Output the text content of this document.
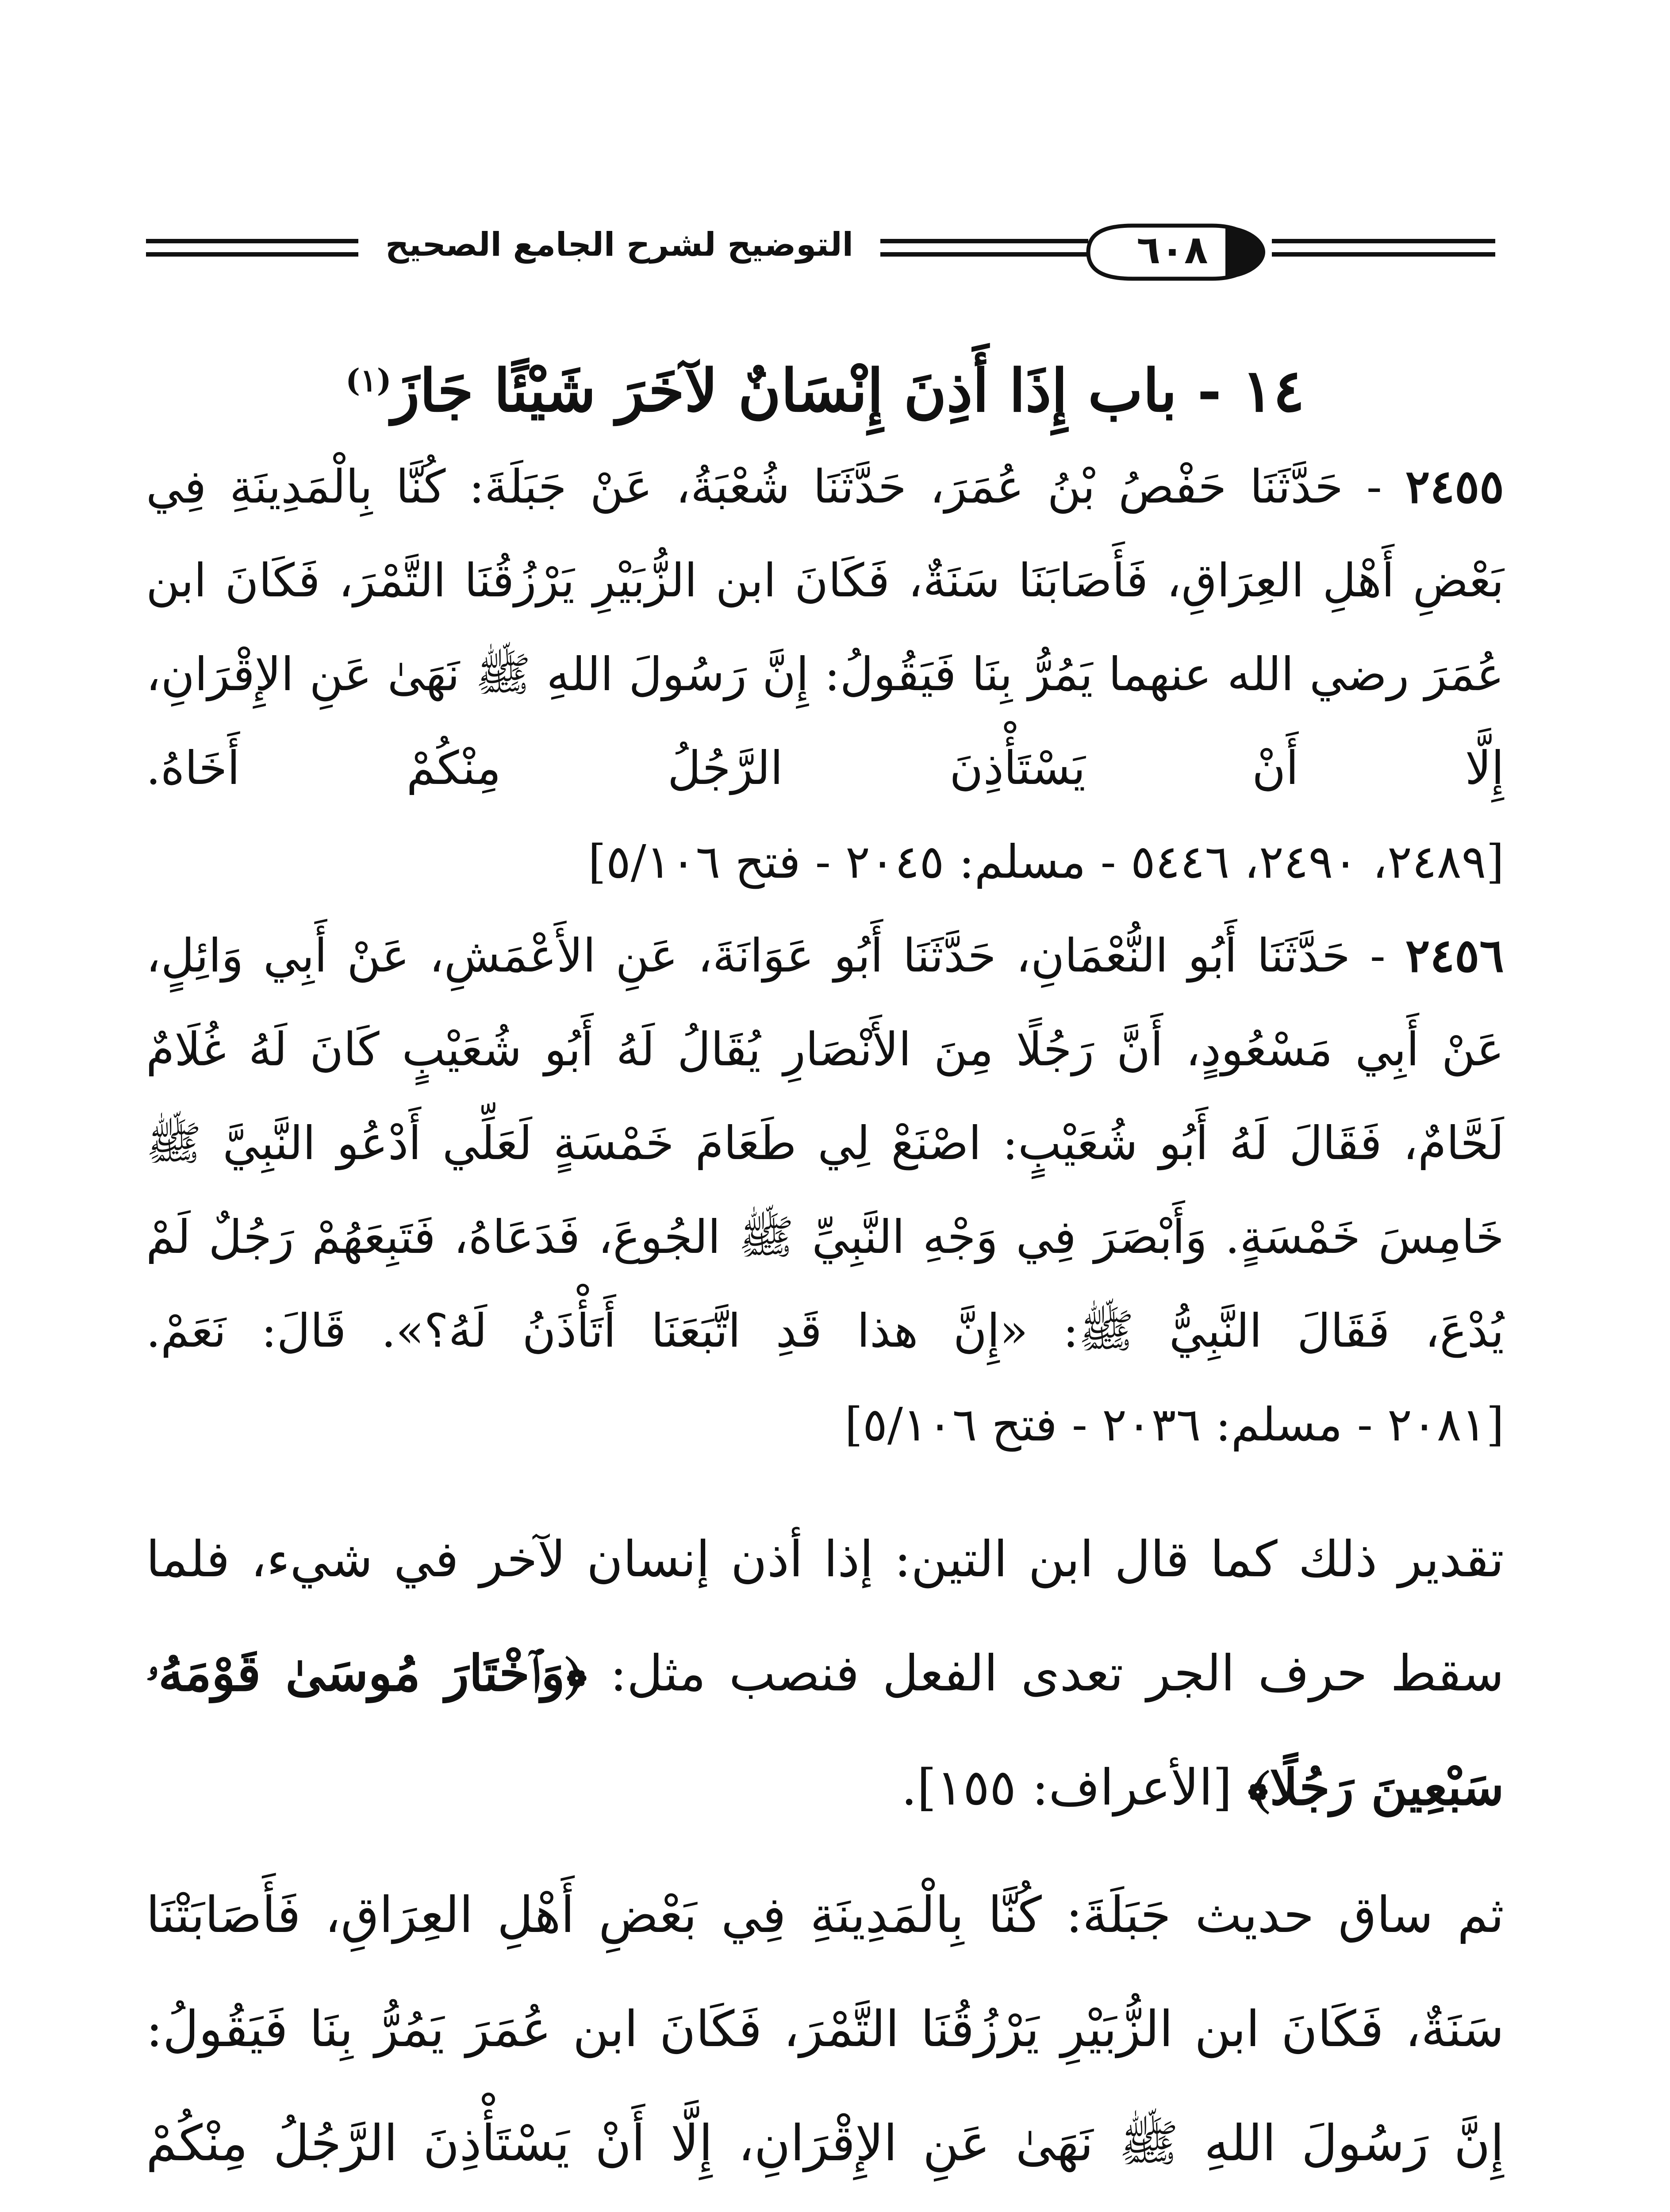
التوضيح لشرح الجامع الصحيح	٦٠٨
١٤ - باب إِذَا أَذِنَ إِنْسَانٌ لآخَرَ شَيْئًا جَازَ$^{(١)}$

٢٤٥٥ - حَدَّثَنَا حَفْصُ بْنُ عُمَرَ، حَدَّثَنَا شُعْبَةُ، عَنْ جَبَلَةَ: كُنَّا بِالْمَدِينَةِ فِي بَعْضِ أَهْلِ العِرَاقِ، فَأَصَابَنَا سَنَةٌ، فَكَانَ ابن الزُّبَيْرِ يَرْزُقُنَا التَّمْرَ، فَكَانَ ابن عُمَرَ رضي الله عنهما يَمُرُّ بِنَا فَيَقُولُ: إِنَّ رَسُولَ اللهِ ﷺ نَهَىٰ عَنِ الإِقْرَانِ، إِلَّا أَنْ يَسْتَأْذِنَ الرَّجُلُ مِنْكُمْ أَخَاهُ. [٢٤٨٩، ٢٤٩٠، ٥٤٤٦ - مسلم: ٢٠٤٥ - فتح ٥/١٠٦]

٢٤٥٦ - حَدَّثَنَا أَبُو النُّعْمَانِ، حَدَّثَنَا أَبُو عَوَانَةَ، عَنِ الأَعْمَشِ، عَنْ أَبِي وَائِلٍ، عَنْ أَبِي مَسْعُودٍ، أَنَّ رَجُلًا مِنَ الأَنْصَارِ يُقَالُ لَهُ أَبُو شُعَيْبٍ كَانَ لَهُ غُلَامٌ لَحَّامٌ، فَقَالَ لَهُ أَبُو شُعَيْبٍ: اصْنَعْ لِي طَعَامَ خَمْسَةٍ لَعَلِّي أَدْعُو النَّبِيَّ ﷺ خَامِسَ خَمْسَةٍ. وَأَبْصَرَ فِي وَجْهِ النَّبِيِّ ﷺ الجُوعَ، فَدَعَاهُ، فَتَبِعَهُمْ رَجُلٌ لَمْ يُدْعَ، فَقَالَ النَّبِيُّ ﷺ: «إِنَّ هذا قَدِ اتَّبَعَنَا أَتَأْذَنُ لَهُ؟». قَالَ: نَعَمْ. [٢٠٨١ - مسلم: ٢٠٣٦ - فتح ٥/١٠٦]

تقدير ذلك كما قال ابن التين: إذا أذن إنسان لآخر في شيء، فلما سقط حرف الجر تعدى الفعل فنصب مثل: ﴿وَٱخْتَارَ مُوسَىٰ قَوْمَهُۥ سَبْعِينَ رَجُلًا﴾ [الأعراف: ١٥٥].

ثم ساق حديث جَبَلَةَ: كُنَّا بِالْمَدِينَةِ فِي بَعْضِ أَهْلِ العِرَاقِ، فَأَصَابَتْنَا سَنَةٌ، فَكَانَ ابن الزُّبَيْرِ يَرْزُقُنَا التَّمْرَ، فَكَانَ ابن عُمَرَ يَمُرُّ بِنَا فَيَقُولُ: إِنَّ رَسُولَ اللهِ ﷺ نَهَىٰ عَنِ الإِقْرَانِ، إِلَّا أَنْ يَسْتَأْذِنَ الرَّجُلُ مِنْكُمْ
